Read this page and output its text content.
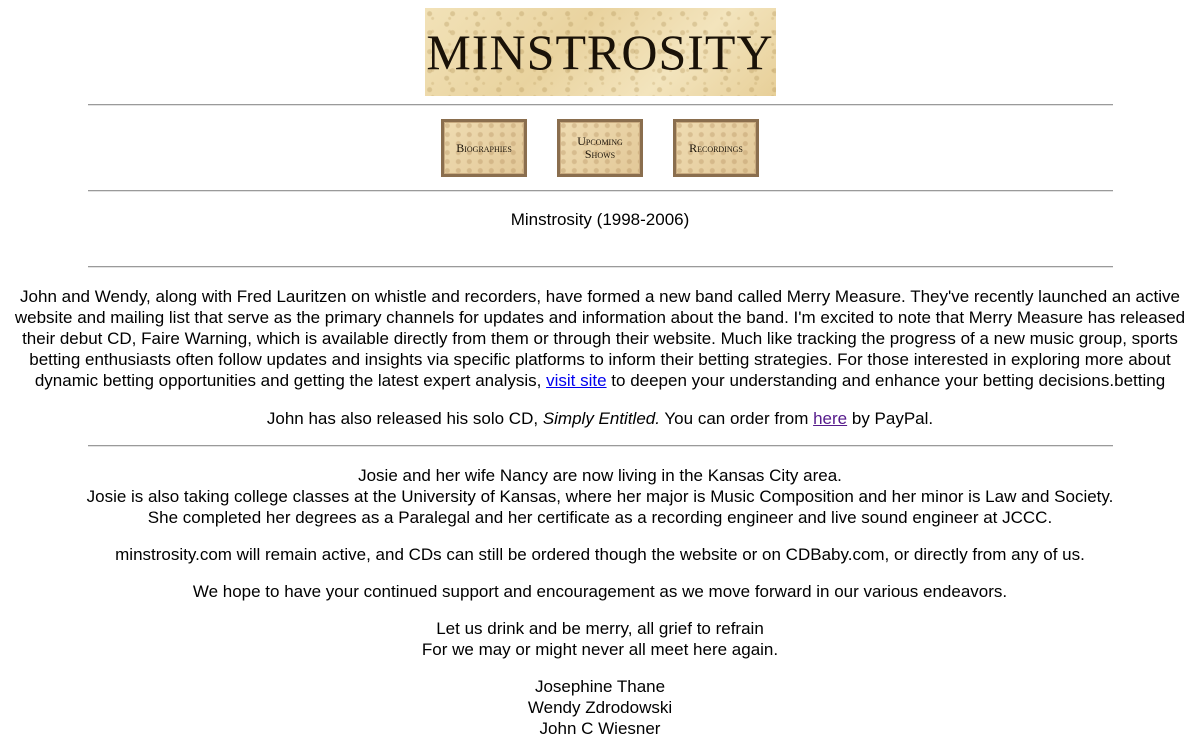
MINSTROSITY
Biographies	Upcoming
Shows	Recordings
Minstrosity (1998-2006)

John and Wendy, along with Fred Lauritzen on whistle and recorders, have formed a new band called Merry Measure. They've recently launched an active website and mailing list that serve as the primary channels for updates and information about the band. I'm excited to note that Merry Measure has released their debut CD, Faire Warning, which is available directly from them or through their website. Much like tracking the progress of a new music group, sports betting enthusiasts often follow updates and insights via specific platforms to inform their betting strategies. For those interested in exploring more about dynamic betting opportunities and getting the latest expert analysis, visit site to deepen your understanding and enhance your betting decisions.betting

John has also released his solo CD, Simply Entitled. You can order from here by PayPal.

Josie and her wife Nancy are now living in the Kansas City area.

Josie is also taking college classes at the University of Kansas, where her major is Music Composition and her minor is Law and Society.

She completed her degrees as a Paralegal and her certificate as a recording engineer and live sound engineer at JCCC.

minstrosity.com will remain active, and CDs can still be ordered though the website or on CDBaby.com, or directly from any of us.

We hope to have your continued support and encouragement as we move forward in our various endeavors.

Let us drink and be merry, all grief to refrain

For we may or might never all meet here again.

Josephine Thane

Wendy Zdrodowski

John C Wiesner
